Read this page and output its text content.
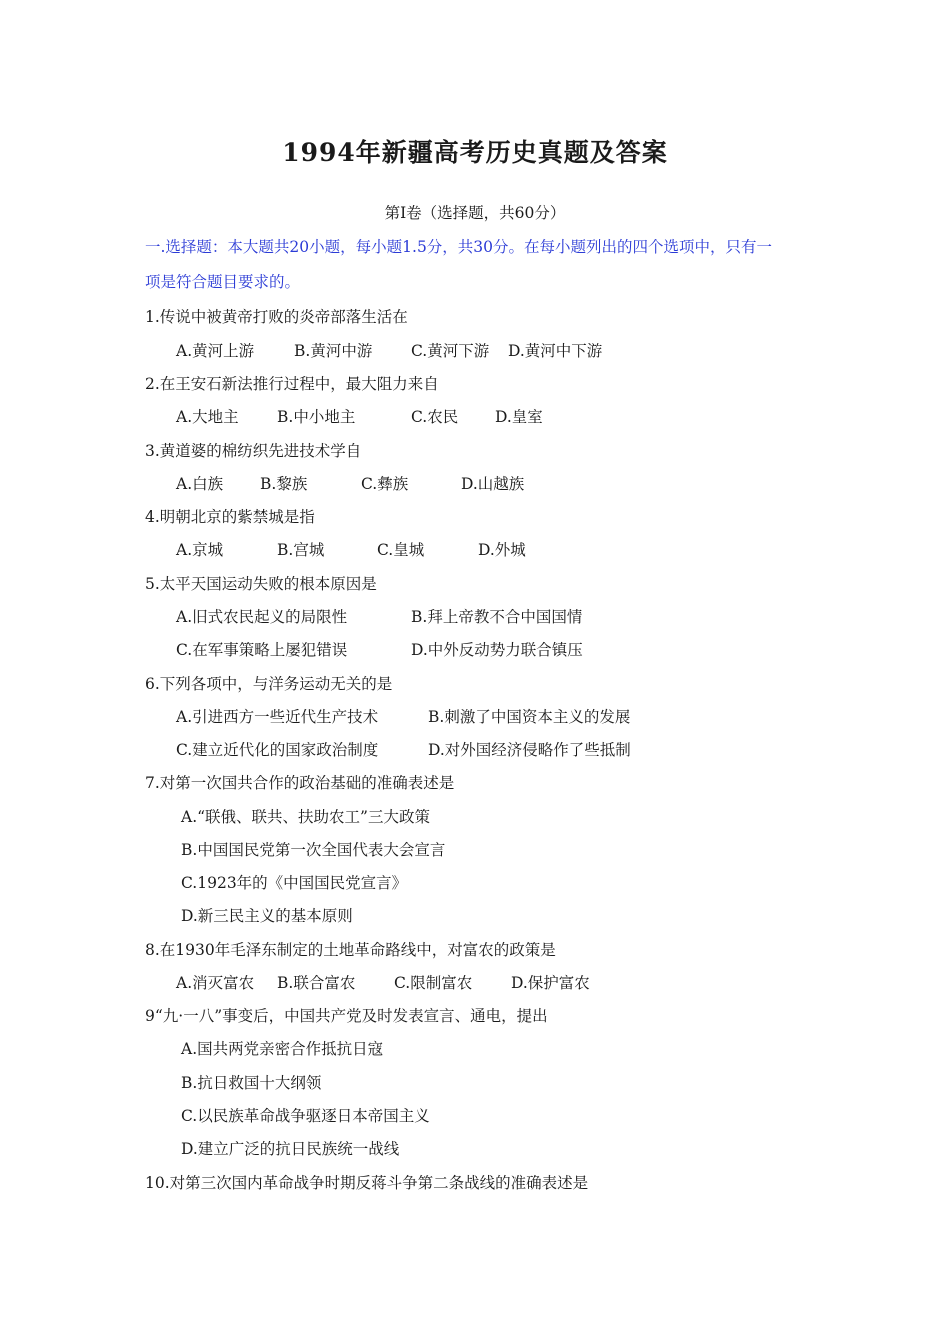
1994年新疆高考历史真题及答案
第Ⅰ卷（选择题，共60分）
一.选择题：本大题共20小题，每小题1.5分，共30分。在每小题列出的四个选项中，只有一
项是符合题目要求的。
1.传说中被黄帝打败的炎帝部落生活在
A.黄河上游	B.黄河中游 C.黄河下游 D.黄河中下游
2.在王安石新法推行过程中，最大阻力来自
A.大地主 B.中小地主	C.农民 D.皇室
3.黄道婆的棉纺织先进技术学自
A.白族 B.黎族	C.彝族	D.山越族
4.明朝北京的紫禁城是指
A.京城	B.宫城	C.皇城	D.外城
5.太平天国运动失败的根本原因是
A.旧式农民起义的局限性	B.拜上帝教不合中国国情
C.在军事策略上屡犯错误	D.中外反动势力联合镇压
6.下列各项中，与洋务运动无关的是
A.引进西方一些近代生产技术	B.刺激了中国资本主义的发展
C.建立近代化的国家政治制度	D.对外国经济侵略作了些抵制
7.对第一次国共合作的政治基础的准确表述是
A.“联俄、联共、扶助农工”三大政策
B.中国国民党第一次全国代表大会宣言
C.1923年的《中国国民党宣言》
D.新三民主义的基本原则
8.在1930年毛泽东制定的土地革命路线中，对富农的政策是
A.消灭富农 B.联合富农 C.限制富农	D.保护富农
9“九·一八”事变后，中国共产党及时发表宣言、通电，提出
A.国共两党亲密合作抵抗日寇
B.抗日救国十大纲领
C.以民族革命战争驱逐日本帝国主义
D.建立广泛的抗日民族统一战线
10.对第三次国内革命战争时期反蒋斗争第二条战线的准确表述是
